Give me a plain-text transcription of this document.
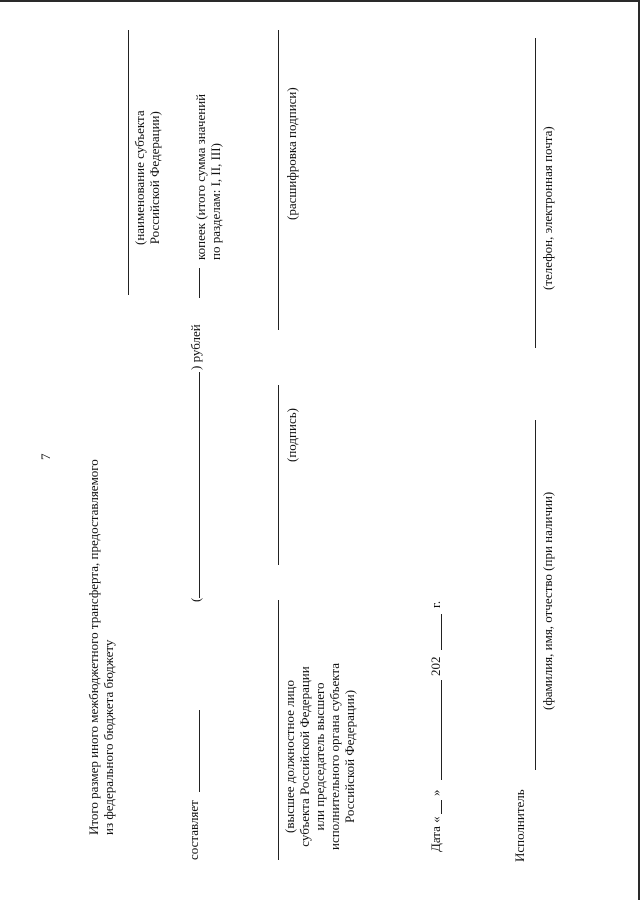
7
Итого размер иного межбюджетного трансферта, предоставляемого
из федерального бюджета бюджету
(наименование субъекта
Российской Федерации)
составляет
(
) рублей
копеек (итого сумма значений
по разделам: I, II, III)
(высшее должностное лицо
субъекта Российской Федерации
или председатель высшего
исполнительного органа субъекта
Российской Федерации)
(подпись)
(расшифровка подписи)
Дата «
»
202
г.
Исполнитель
(фамилия, имя, отчество (при наличии)
(телефон, электронная почта)
